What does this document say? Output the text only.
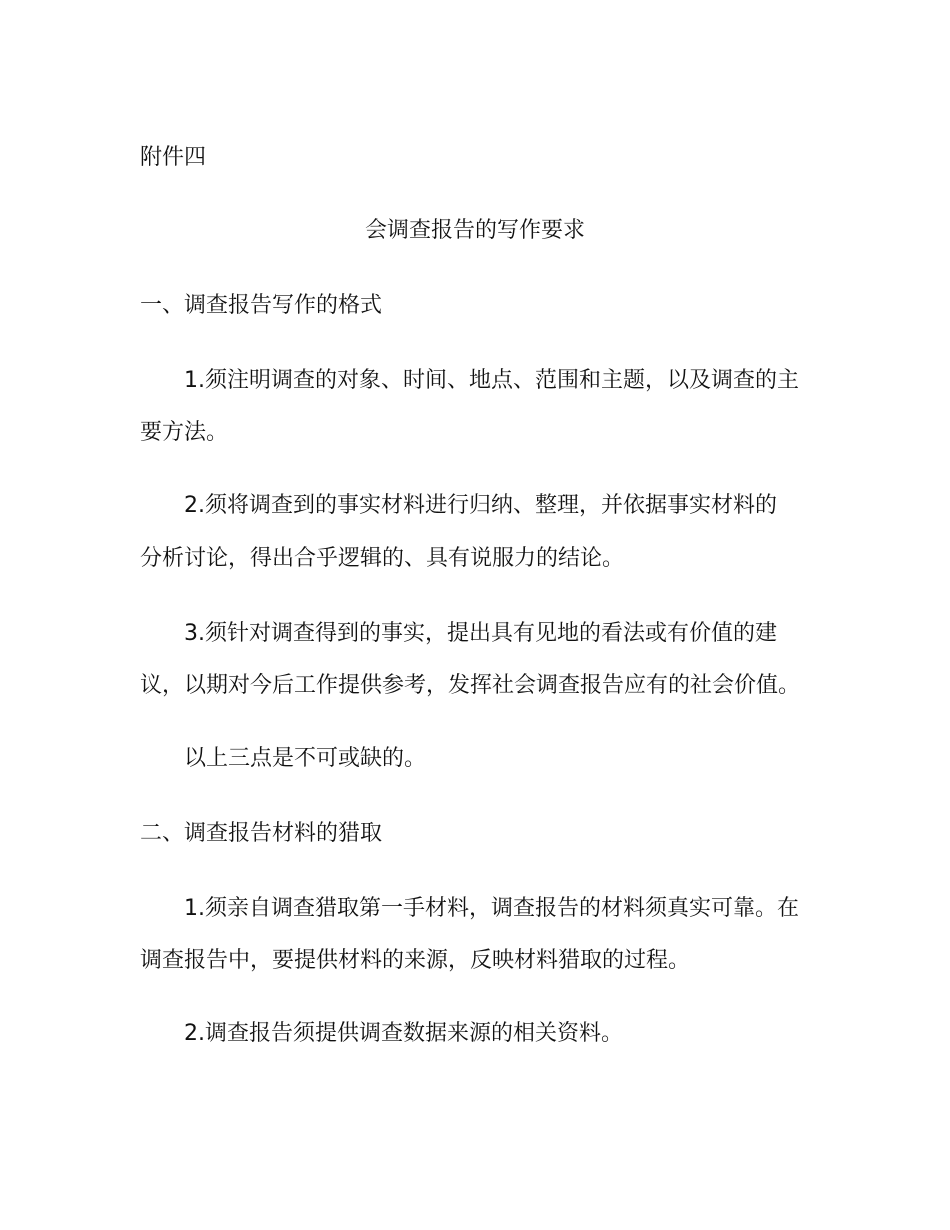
附件四
会调查报告的写作要求
一、调查报告写作的格式
1.须注明调查的对象、时间、地点、范围和主题，以及调查的主
要方法。
2.须将调查到的事实材料进行归纳、整理，并依据事实材料的
分析讨论，得出合乎逻辑的、具有说服力的结论。
3.须针对调查得到的事实，提出具有见地的看法或有价值的建
议，以期对今后工作提供参考，发挥社会调查报告应有的社会价值。
以上三点是不可或缺的。
二、调查报告材料的猎取
1.须亲自调查猎取第一手材料，调查报告的材料须真实可靠。在
调查报告中，要提供材料的来源，反映材料猎取的过程。
2.调查报告须提供调查数据来源的相关资料。
